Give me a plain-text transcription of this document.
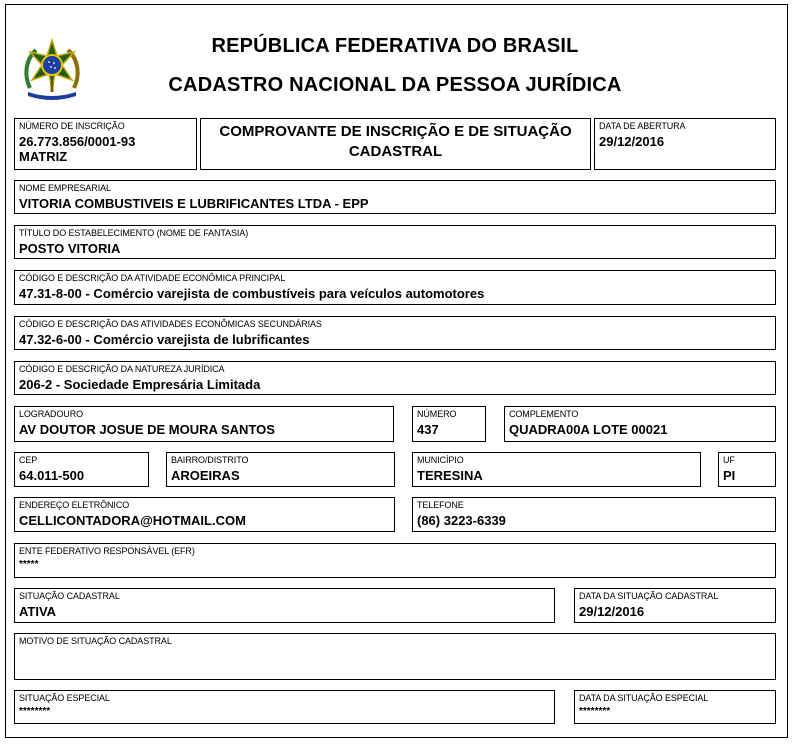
REPÚBLICA FEDERATIVA DO BRASIL
CADASTRO NACIONAL DA PESSOA JURÍDICA
NÚMERO DE INSCRIÇÃO
26.773.856/0001-93
MATRIZ
COMPROVANTE DE INSCRIÇÃO E DE SITUAÇÃO
CADASTRAL
DATA DE ABERTURA
29/12/2016
NOME EMPRESARIAL
VITORIA COMBUSTIVEIS E LUBRIFICANTES LTDA - EPP
TÍTULO DO ESTABELECIMENTO (NOME DE FANTASIA)
POSTO VITORIA
CÓDIGO E DESCRIÇÃO DA ATIVIDADE ECONÔMICA PRINCIPAL
47.31-8-00 - Comércio varejista de combustíveis para veículos automotores
CÓDIGO E DESCRIÇÃO DAS ATIVIDADES ECONÔMICAS SECUNDÁRIAS
47.32-6-00 - Comércio varejista de lubrificantes
CÓDIGO E DESCRIÇÃO DA NATUREZA JURÍDICA
206-2 - Sociedade Empresária Limitada
LOGRADOURO
AV DOUTOR JOSUE DE MOURA SANTOS
NÚMERO
437
COMPLEMENTO
QUADRA00A LOTE 00021
CEP
64.011-500
BAIRRO/DISTRITO
AROEIRAS
MUNICÍPIO
TERESINA
UF
PI
ENDEREÇO ELETRÔNICO
CELLICONTADORA@HOTMAIL.COM
TELEFONE
(86) 3223-6339
ENTE FEDERATIVO RESPONSÁVEL (EFR)
*****
SITUAÇÃO CADASTRAL
ATIVA
DATA DA SITUAÇÃO CADASTRAL
29/12/2016
MOTIVO DE SITUAÇÃO CADASTRAL
SITUAÇÃO ESPECIAL
********
DATA DA SITUAÇÃO ESPECIAL
********
